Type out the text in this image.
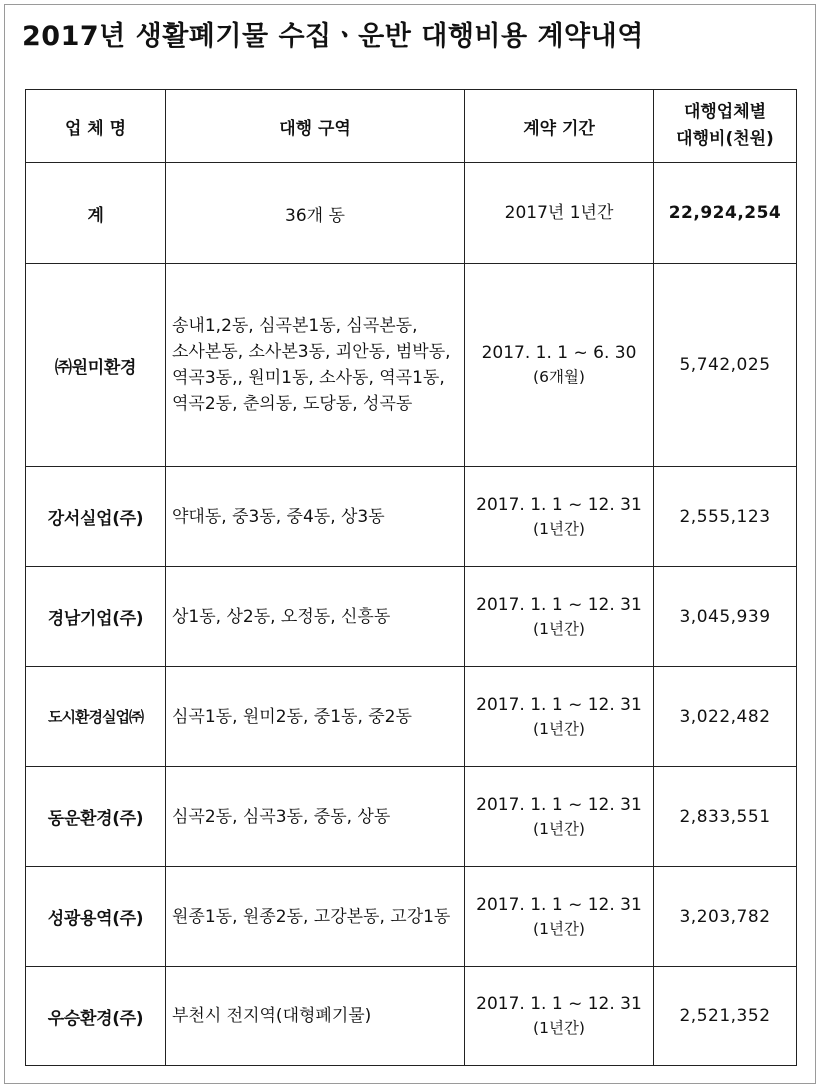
2017년 생활폐기물 수집ㆍ운반 대행비용 계약내역
업 체 명	대행 구역	계약 기간	대행업체별
대행비(천원)
계	36개 동	2017년 1년간	22,924,254
㈜원미환경	송내1,2동, 심곡본1동, 심곡본동, 소사본동, 소사본3동, 괴안동, 범박동, 역곡3동,, 원미1동, 소사동, 역곡1동, 역곡2동, 춘의동, 도당동, 성곡동	2017. 1. 1 ~ 6. 30
(6개월)	5,742,025
강서실업(주)	약대동, 중3동, 중4동, 상3동	2017. 1. 1 ~ 12. 31
(1년간)	2,555,123
경남기업(주)	상1동, 상2동, 오정동, 신흥동	2017. 1. 1 ~ 12. 31
(1년간)	3,045,939
도시환경실업㈜	심곡1동, 원미2동, 중1동, 중2동	2017. 1. 1 ~ 12. 31
(1년간)	3,022,482
동운환경(주)	심곡2동, 심곡3동, 중동, 상동	2017. 1. 1 ~ 12. 31
(1년간)	2,833,551
성광용역(주)	원종1동, 원종2동, 고강본동, 고강1동	2017. 1. 1 ~ 12. 31
(1년간)	3,203,782
우승환경(주)	부천시 전지역(대형폐기물)	2017. 1. 1 ~ 12. 31
(1년간)	2,521,352
